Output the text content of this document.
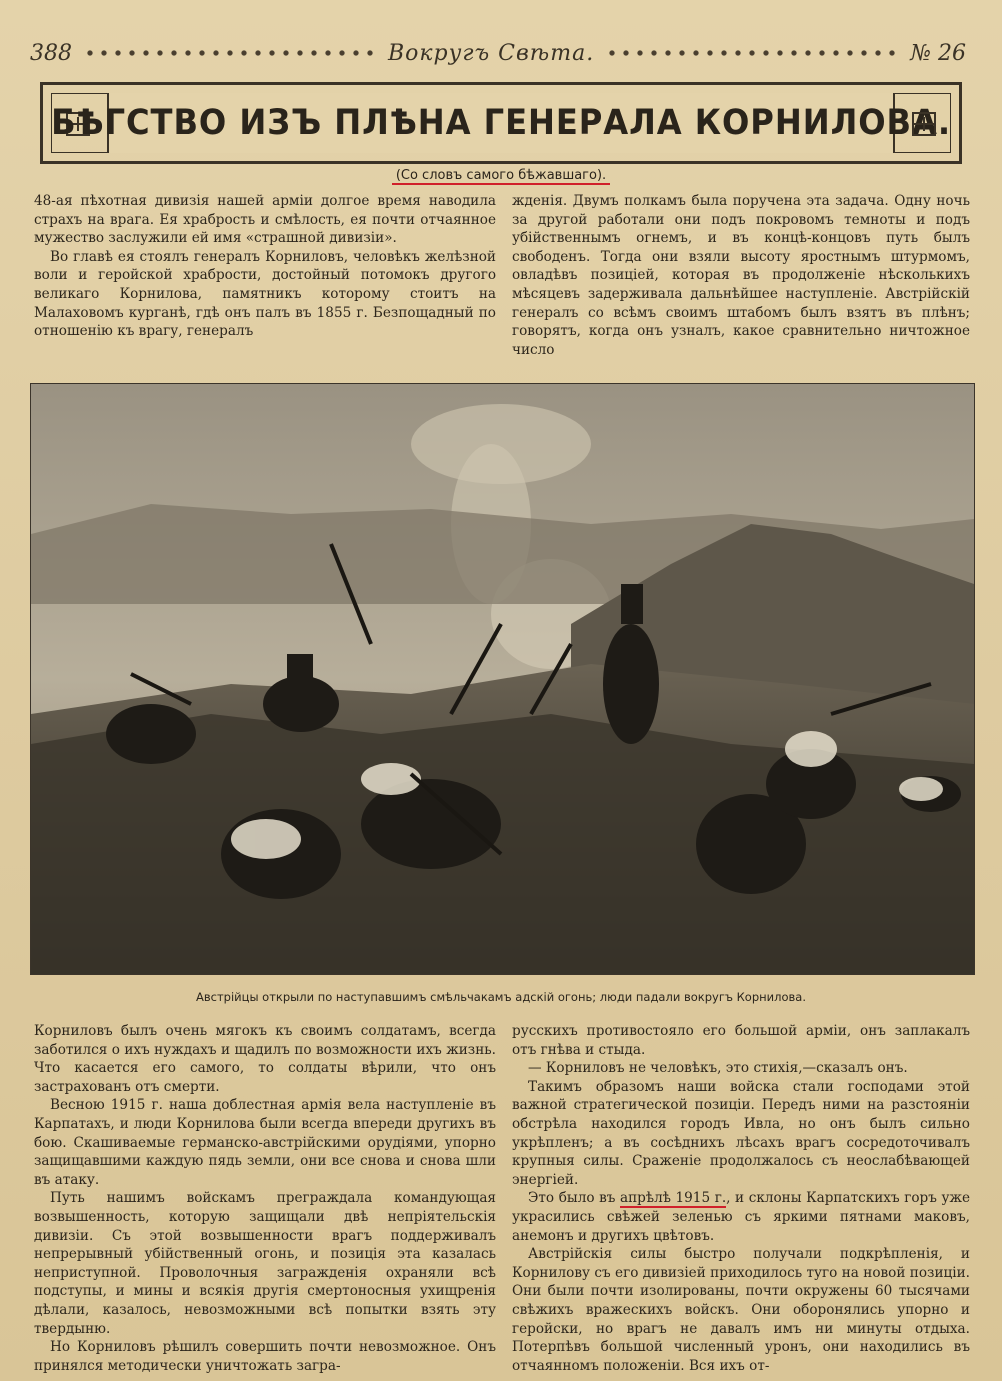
388	Вокругъ Свѣта.	№ 26
БѢГСТВО ИЗЪ ПЛѢНА ГЕНЕРАЛА КОРНИЛОВА.
(Со словъ самого бѣжавшаго).

48-ая пѣхотная дивизія нашей арміи долгое время наводила страхъ на врага. Ея храбрость и смѣлость, ея почти отчаянное мужество заслужили ей имя «страшной дивизіи».

Во главѣ ея стоялъ генералъ Корниловъ, человѣкъ желѣзной воли и геройской храбрости, достойный потомокъ другого великаго Корнилова, памятникъ которому стоитъ на Малаховомъ курганѣ, гдѣ онъ палъ въ 1855 г. Безпощадный по отношенію къ врагу, генералъ

жденія. Двумъ полкамъ была поручена эта задача. Одну ночь за другой работали они подъ покровомъ темноты и подъ убійственнымъ огнемъ, и въ концѣ-концовъ путь былъ свободенъ. Тогда они взяли высоту яростнымъ штурмомъ, овладѣвъ позиціей, которая въ продолженіе нѣсколькихъ мѣсяцевъ задерживала дальнѣйшее наступленіе. Австрійскій генералъ со всѣмъ своимъ штабомъ былъ взятъ въ плѣнъ; говорятъ, когда онъ узналъ, какое сравнительно ничтожное число

Австрійцы открыли по наступавшимъ смѣльчакамъ адскій огонь; люди падали вокругъ Корнилова.

Корниловъ былъ очень мягокъ къ своимъ солдатамъ, всегда заботился о ихъ нуждахъ и щадилъ по возможности ихъ жизнь. Что касается его самого, то солдаты вѣрили, что онъ застрахованъ отъ смерти.

Весною 1915 г. наша доблестная армія вела наступленіе въ Карпатахъ, и люди Корнилова были всегда впереди другихъ въ бою. Скашиваемые германско-австрійскими орудіями, упорно защищавшими каждую пядь земли, они все снова и снова шли въ атаку.

Путь нашимъ войскамъ преграждала командующая возвышенность, которую защищали двѣ непріятельскія дивизіи. Съ этой возвышенности врагъ поддерживалъ непрерывный убійственный огонь, и позиція эта казалась неприступной. Проволочныя загражденія охраняли всѣ подступы, и мины и всякія другія смертоносныя ухищренія дѣлали, казалось, невозможными всѣ попытки взять эту твердыню.

Но Корниловъ рѣшилъ совершить почти невозможное. Онъ принялся методически уничтожать загра-

русскихъ противостояло его большой арміи, онъ заплакалъ отъ гнѣва и стыда.

— Корниловъ не человѣкъ, это стихія,—сказалъ онъ.

Такимъ образомъ наши войска стали господами этой важной стратегической позиціи. Передъ ними на разстояніи обстрѣла находился городъ Ивла, но онъ былъ сильно укрѣпленъ; а въ сосѣднихъ лѣсахъ врагъ сосредоточивалъ крупныя силы. Сраженіе продолжалось съ неослабѣвающей энергіей.

Это было въ апрѣлѣ 1915 г., и склоны Карпатскихъ горъ уже украсились свѣжей зеленью съ яркими пятнами маковъ, анемонъ и другихъ цвѣтовъ.

Австрійскія силы быстро получали подкрѣпленія, и Корнилову съ его дивизіей приходилось туго на новой позиціи. Они были почти изолированы, почти окружены 60 тысячами свѣжихъ вражескихъ войскъ. Они оборонялись упорно и геройски, но врагъ не давалъ имъ ни минуты отдыха. Потерпѣвъ большой численный уронъ, они находились въ отчаянномъ положеніи. Вся ихъ от-
